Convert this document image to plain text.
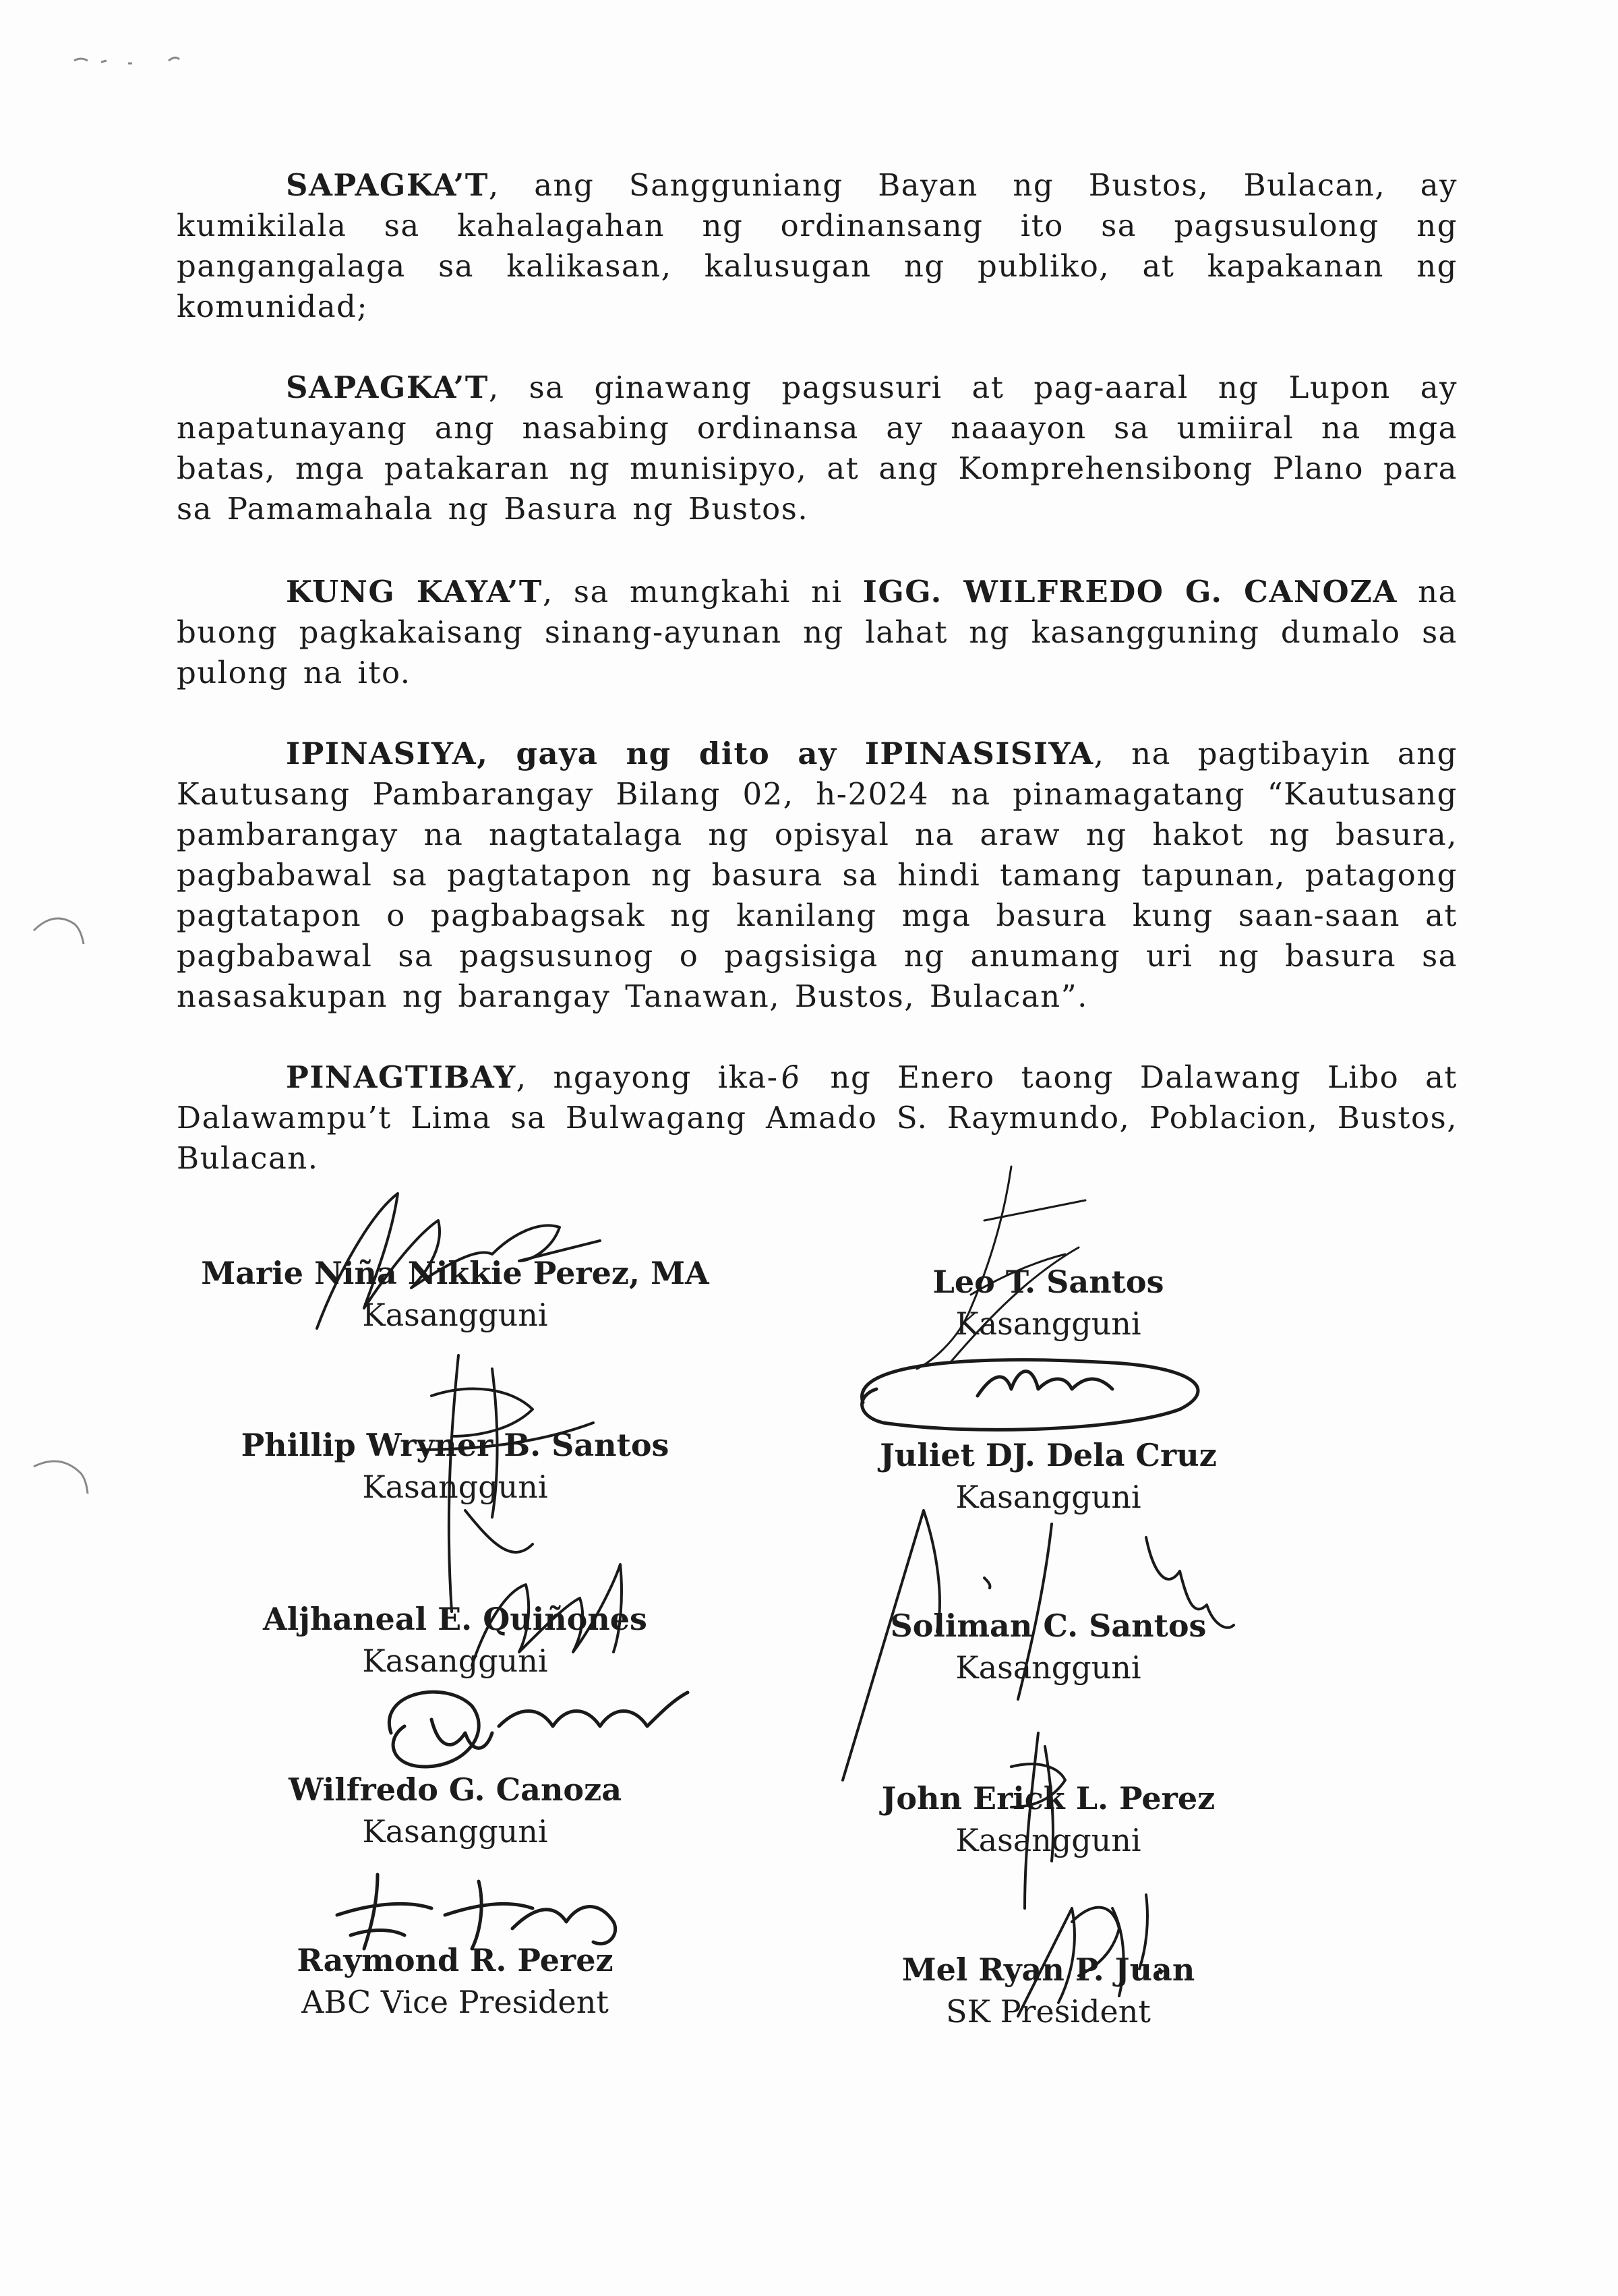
SAPAGKA’T, ang Sangguniang Bayan ng Bustos, Bulacan, ay kumikilala sa kahalagahan ng ordinansang ito sa pagsusulong ng pangangalaga sa kalikasan, kalusugan ng publiko, at kapakanan ng komunidad;

SAPAGKA’T, sa ginawang pagsusuri at pag-aaral ng Lupon ay napatunayang ang nasabing ordinansa ay naaayon sa umiiral na mga batas, mga patakaran ng munisipyo, at ang Komprehensibong Plano para sa Pamamahala ng Basura ng Bustos.

KUNG KAYA’T, sa mungkahi ni IGG. WILFREDO G. CANOZA na buong pagkakaisang sinang-ayunan ng lahat ng kasangguning dumalo sa pulong na ito.

IPINASIYA, gaya ng dito ay IPINASISIYA, na pagtibayin ang Kautusang Pambarangay Bilang 02, h-2024 na pinamagatang “Kautusang pambarangay na nagtatalaga ng opisyal na araw ng hakot ng basura, pagbabawal sa pagtatapon ng basura sa hindi tamang tapunan, patagong pagtatapon o pagbabagsak ng kanilang mga basura kung saan-saan at pagbabawal sa pagsusunog o pagsisiga ng anumang uri ng basura sa nasasakupan ng barangay Tanawan, Bustos, Bulacan”.

PINAGTIBAY, ngayong ika-6 ng Enero taong Dalawang Libo at Dalawampu’t Lima sa Bulwagang Amado S. Raymundo, Poblacion, Bustos, Bulacan.

Marie Niña Nikkie Perez, MA
Kasangguni
Phillip Wryner B. Santos
Kasangguni
Aljhaneal E. Quiñones
Kasangguni
Wilfredo G. Canoza
Kasangguni
Raymond R. Perez
ABC Vice President
Leo T. Santos
Kasangguni
Juliet DJ. Dela Cruz
Kasangguni
Soliman C. Santos
Kasangguni
John Erick L. Perez
Kasangguni
Mel Ryan P. Juan
SK President
